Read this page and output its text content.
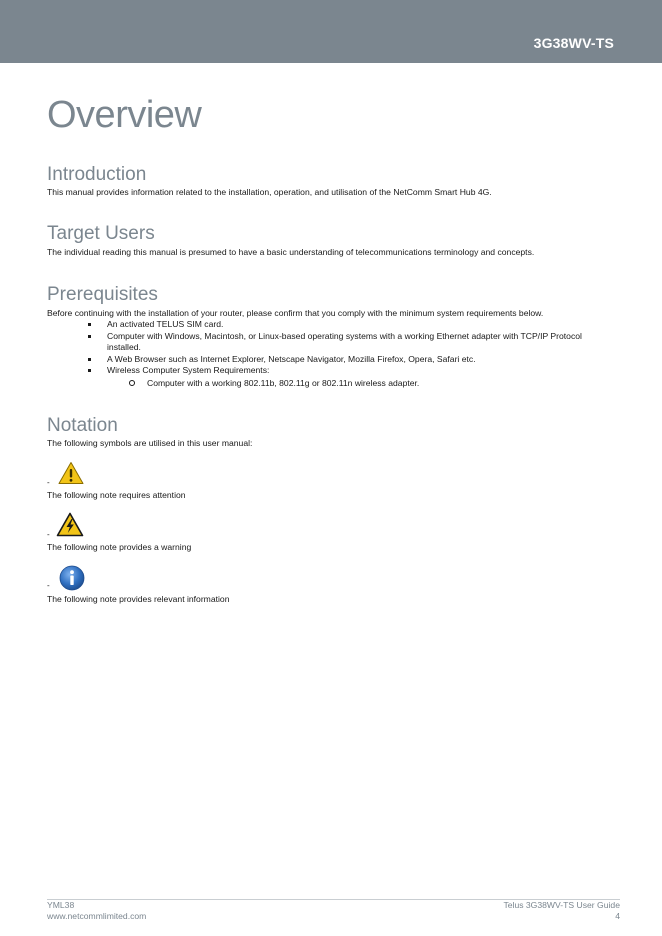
3G38WV-TS
Overview
Introduction

This manual provides information related to the installation, operation, and utilisation of the NetComm Smart Hub 4G.

Target Users

The individual reading this manual is presumed to have a basic understanding of telecommunications terminology and concepts.

Prerequisites

Before continuing with the installation of your router, please confirm that you comply with the minimum system requirements below.

An activated TELUS SIM card.
Computer with Windows, Macintosh, or Linux-based operating systems with a working Ethernet adapter with TCP/IP Protocol installed.
A Web Browser such as Internet Explorer, Netscape Navigator, Mozilla Firefox, Opera, Safari etc.
Wireless Computer System Requirements:
Computer with a working 802.11b, 802.11g or 802.11n wireless adapter.
Notation

The following symbols are utilised in this user manual:

-

The following note requires attention

-

The following note provides a warning

-

The following note provides relevant information

YML38
www.netcommlimited.com
Telus 3G38WV-TS User Guide
4
